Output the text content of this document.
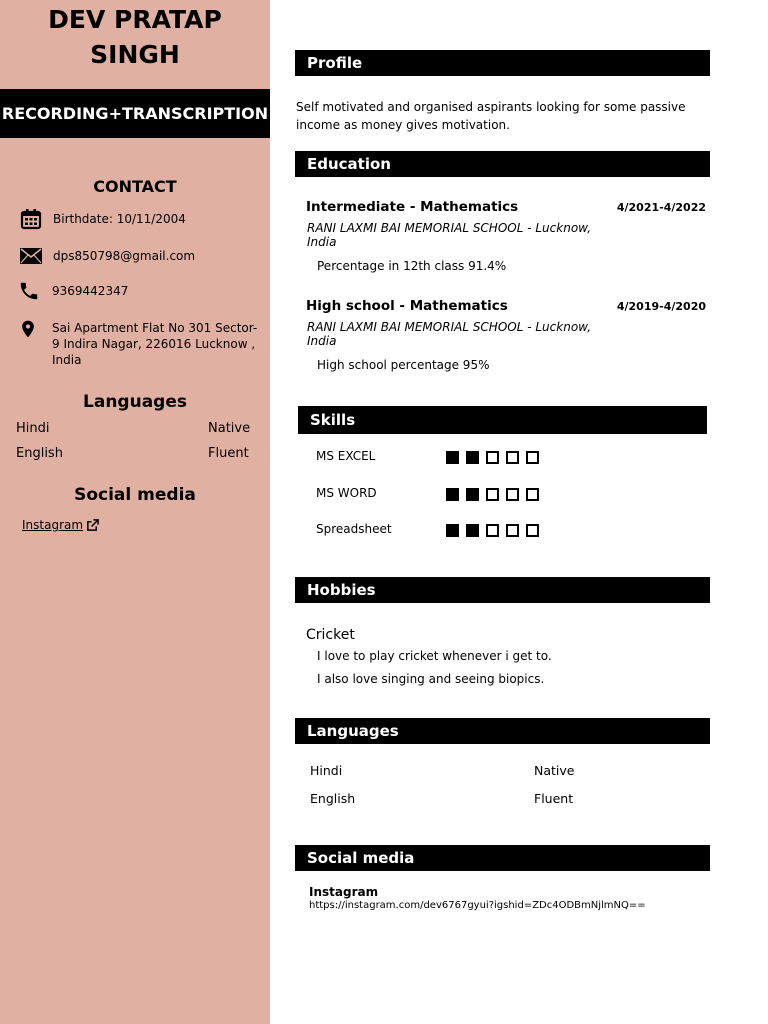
DEV PRATAP
SINGH
RECORDING+TRANSCRIPTION
CONTACT
Birthdate: 10/11/2004
dps850798@gmail.com
9369442347
Sai Apartment Flat No 301 Sector-9 Indira Nagar, 226016 Lucknow , India
Languages
Hindi	Native
English	Fluent
Social media
Instagram
Profile
Self motivated and organised aspirants looking for some passive income as money gives motivation.
Education
Intermediate - Mathematics	4/2021-4/2022
RANI LAXMI BAI MEMORIAL SCHOOL - Lucknow, India
Percentage in 12th class 91.4%
High school - Mathematics	4/2019-4/2020
RANI LAXMI BAI MEMORIAL SCHOOL - Lucknow, India
High school percentage 95%
Skills
MS EXCEL
MS WORD
Spreadsheet
Hobbies
Cricket
I love to play cricket whenever i get to.
I also love singing and seeing biopics.
Languages
Hindi	Native
English	Fluent
Social media
Instagram
https://instagram.com/dev6767gyui?igshid=ZDc4ODBmNjlmNQ==
